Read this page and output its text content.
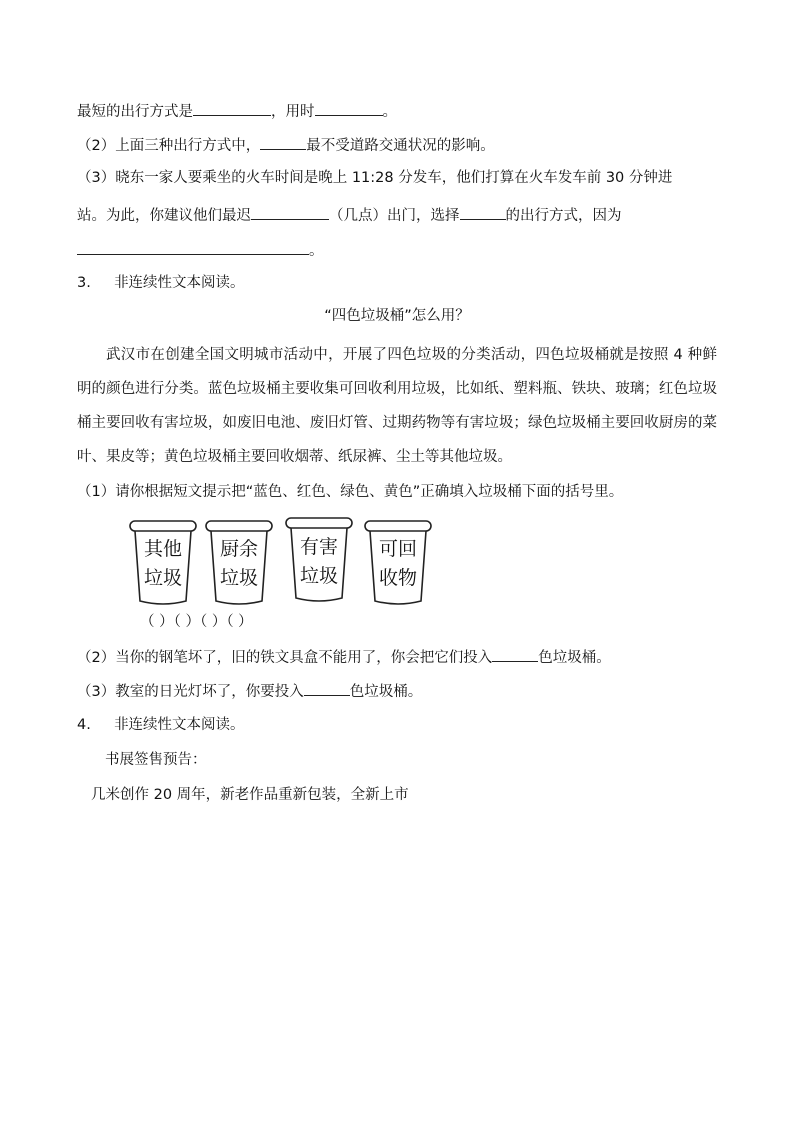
最短的出行方式是	，用时	。
（2）上面三种出行方式中，	最不受道路交通状况的影响。
（3）晓东一家人要乘坐的火车时间是晚上 11:28 分发车，他们打算在火车发车前 30 分钟进
站。为此，你建议他们最迟	（几点）出门，选择	的出行方式，因为
。
3. 非连续性文本阅读。
“四色垃圾桶”怎么用？
武汉市在创建全国文明城市活动中，开展了四色垃圾的分类活动，四色垃圾桶就是按照 4 种鲜明的颜色进行分类。蓝色垃圾桶主要收集可回收利用垃圾，比如纸、塑料瓶、铁块、玻璃；红色垃圾桶主要回收有害垃圾，如废旧电池、废旧灯管、过期药物等有害垃圾；绿色垃圾桶主要回收厨房的菜叶、果皮等；黄色垃圾桶主要回收烟蒂、纸尿裤、尘土等其他垃圾。
（1）请你根据短文提示把“蓝色、红色、绿色、黄色”正确填入垃圾桶下面的括号里。
其他
垃圾
厨余
垃圾
有害
垃圾
可回
收物
（ ）（ ）（ ）（ ）
（2）当你的钢笔坏了，旧的铁文具盒不能用了，你会把它们投入	色垃圾桶。
（3）教室的日光灯坏了，你要投入	色垃圾桶。
4. 非连续性文本阅读。
书展签售预告：
几米创作 20 周年，新老作品重新包装，全新上市
